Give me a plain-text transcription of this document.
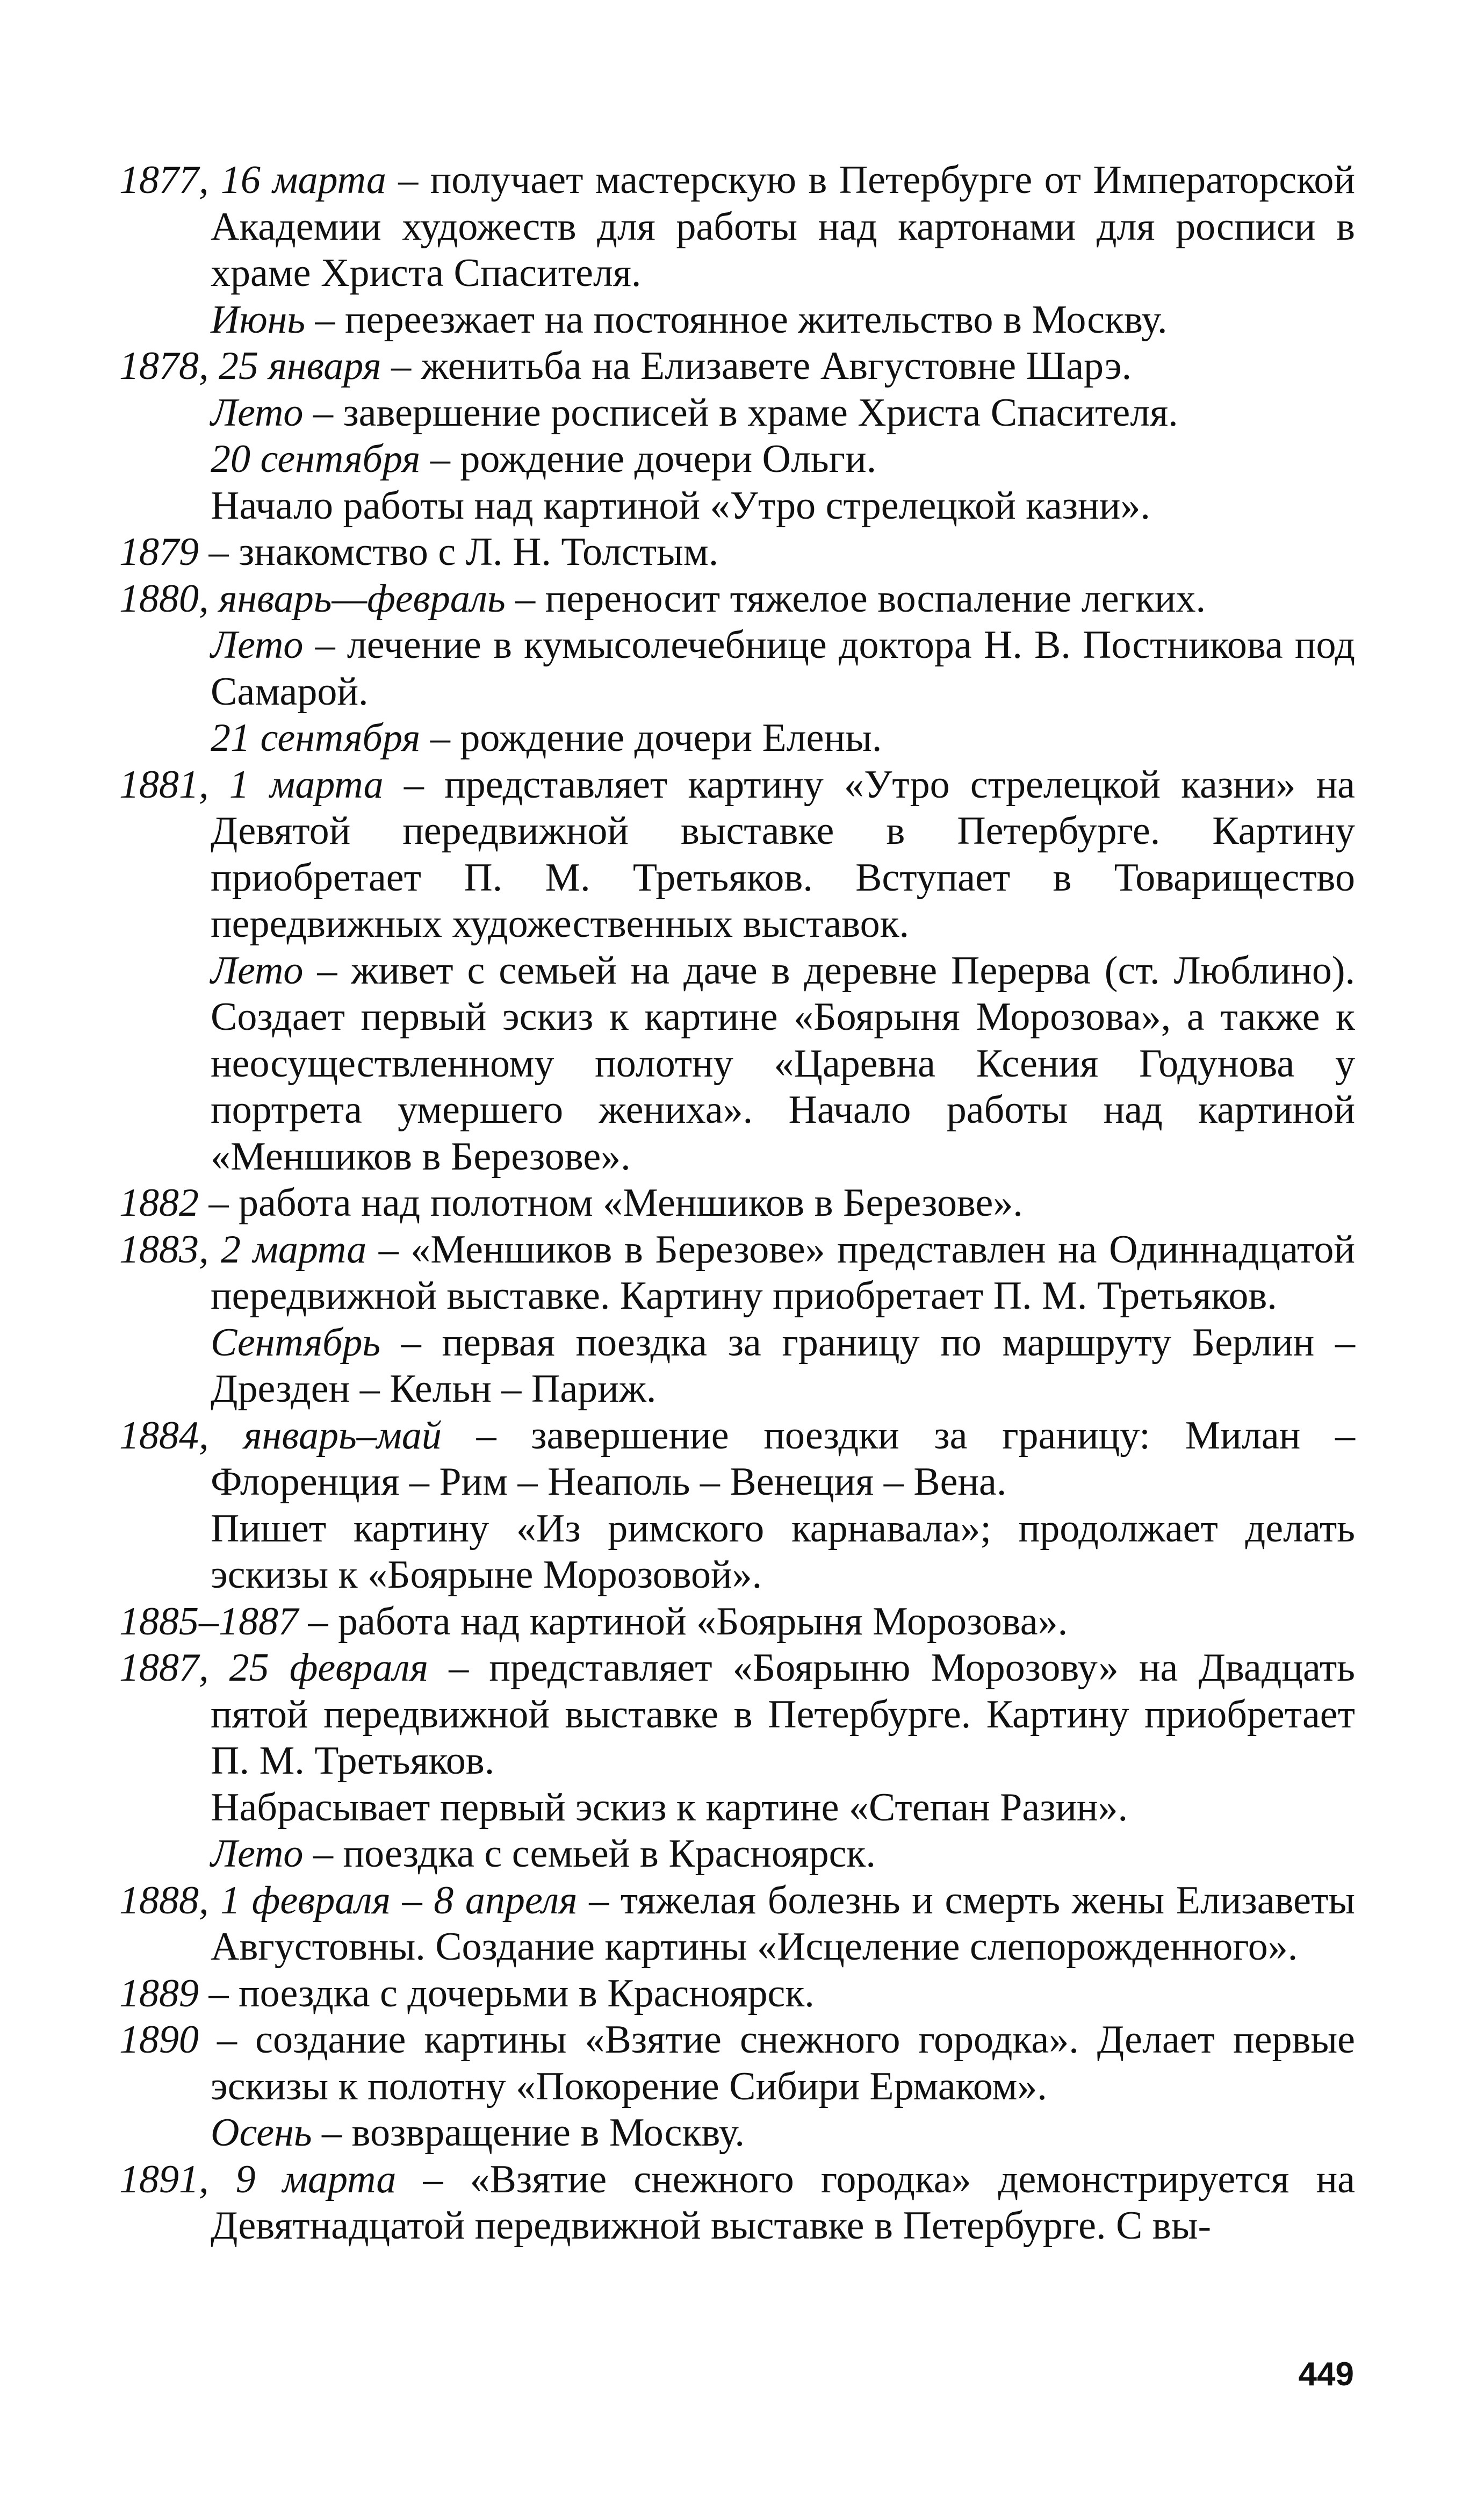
1877, 16 марта – получает мастерскую в Петербурге от Императорской Академии художеств для работы над картонами для росписи в храме Христа Спасителя.

Июнь – переезжает на постоянное жительство в Москву.

1878, 25 января – женитьба на Елизавете Августовне Шарэ.

Лето – завершение росписей в храме Христа Спасителя.

20 сентября – рождение дочери Ольги.

Начало работы над картиной «Утро стрелецкой казни».

1879 – знакомство с Л. Н. Толстым.

1880, январь—февраль – переносит тяжелое воспаление легких.

Лето – лечение в кумысолечебнице доктора Н. В. Постникова под Самарой.

21 сентября – рождение дочери Елены.

1881, 1 марта – представляет картину «Утро стрелецкой казни» на Девятой передвижной выставке в Петербурге. Картину приобретает П. М. Третьяков. Вступает в Товарищество передвижных художественных выставок.

Лето – живет с семьей на даче в деревне Перерва (ст. Люблино). Создает первый эскиз к картине «Боярыня Морозова», а также к неосуществленному полотну «Царевна Ксения Годунова у портрета умершего жениха». Начало работы над картиной «Меншиков в Березове».

1882 – работа над полотном «Меншиков в Березове».

1883, 2 марта – «Меншиков в Березове» представлен на Одиннадцатой передвижной выставке. Картину приобретает П. М. Третьяков.

Сентябрь – первая поездка за границу по маршруту Берлин – Дрезден – Кельн – Париж.

1884, январь–май – завершение поездки за границу: Милан – Флоренция – Рим – Неаполь – Венеция – Вена.

Пишет картину «Из римского карнавала»; продолжает делать эскизы к «Боярыне Морозовой».

1885–1887 – работа над картиной «Боярыня Морозова».

1887, 25 февраля – представляет «Боярыню Морозову» на Двадцать пятой передвижной выставке в Петербурге. Картину приобретает П. М. Третьяков.

Набрасывает первый эскиз к картине «Степан Разин».

Лето – поездка с семьей в Красноярск.

1888, 1 февраля – 8 апреля – тяжелая болезнь и смерть жены Елизаветы Августовны. Создание картины «Исцеление слепорожденного».

1889 – поездка с дочерьми в Красноярск.

1890 – создание картины «Взятие снежного городка». Делает первые эскизы к полотну «Покорение Сибири Ермаком».

Осень – возвращение в Москву.

1891, 9 марта – «Взятие снежного городка» демонстрируется на Девятнадцатой передвижной выставке в Петербурге. С вы-

449
